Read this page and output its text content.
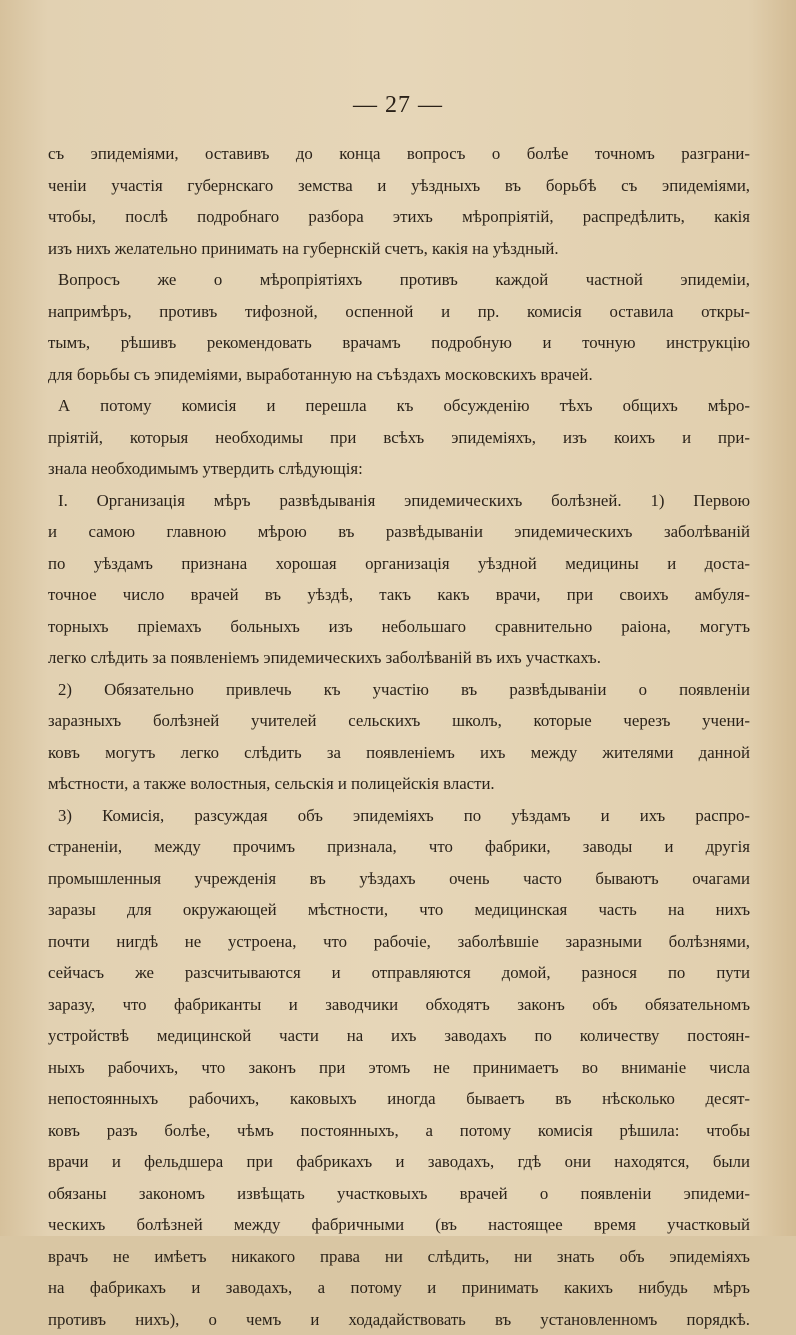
— 27 —
съ эпидеміями, оставивъ до конца вопросъ о болѣе точномъ разграни-
ченіи участія губернскаго земства и уѣздныхъ въ борьбѣ съ эпидеміями,
чтобы, послѣ подробнаго разбора этихъ мѣропріятій, распредѣлить, какія
изъ нихъ желательно принимать на губернскій счетъ, какія на уѣздный.
Вопросъ же о мѣропріятіяхъ противъ каждой частной эпидеміи,
напримѣръ, противъ тифозной, оспенной и пр. комисія оставила откры-
тымъ, рѣшивъ рекомендовать врачамъ подробную и точную инструкцію
для борьбы съ эпидеміями, выработанную на съѣздахъ московскихъ врачей.
А потому комисія и перешла къ обсужденію тѣхъ общихъ мѣро-
пріятій, которыя необходимы при всѣхъ эпидеміяхъ, изъ коихъ и при-
знала необходимымъ утвердить слѣдующія:
I. Организація мѣръ развѣдыванія эпидемическихъ болѣзней. 1) Первою
и самою главною мѣрою въ развѣдываніи эпидемическихъ заболѣваній
по уѣздамъ признана хорошая организація уѣздной медицины и доста-
точное число врачей въ уѣздѣ, такъ какъ врачи, при своихъ амбуля-
торныхъ пріемахъ больныхъ изъ небольшаго сравнительно раіона, могутъ
легко слѣдить за появленіемъ эпидемическихъ заболѣваній въ ихъ участкахъ.
2) Обязательно привлечь къ участію въ развѣдываніи о появленіи
заразныхъ болѣзней учителей сельскихъ школъ, которые черезъ учени-
ковъ могутъ легко слѣдить за появленіемъ ихъ между жителями данной
мѣстности, а также волостныя, сельскія и полицейскія власти.
3) Комисія, разсуждая объ эпидеміяхъ по уѣздамъ и ихъ распро-
страненіи, между прочимъ признала, что фабрики, заводы и другія
промышленныя учрежденія въ уѣздахъ очень часто бываютъ очагами
заразы для окружающей мѣстности, что медицинская часть на нихъ
почти нигдѣ не устроена, что рабочіе, заболѣвшіе заразными болѣзнями,
сейчасъ же разсчитываются и отправляются домой, разнося по пути
заразу, что фабриканты и заводчики обходятъ законъ объ обязательномъ
устройствѣ медицинской части на ихъ заводахъ по количеству постоян-
ныхъ рабочихъ, что законъ при этомъ не принимаетъ во вниманіе числа
непостоянныхъ рабочихъ, каковыхъ иногда бываетъ въ нѣсколько десят-
ковъ разъ болѣе, чѣмъ постоянныхъ, а потому комисія рѣшила: чтобы
врачи и фельдшера при фабрикахъ и заводахъ, гдѣ они находятся, были
обязаны закономъ извѣщать участковыхъ врачей о появленіи эпидеми-
ческихъ болѣзней между фабричными (въ настоящее время участковый
врачъ не имѣетъ никакого права ни слѣдить, ни знать объ эпидеміяхъ
на фабрикахъ и заводахъ, а потому и принимать какихъ нибудь мѣръ
противъ нихъ), о чемъ и ходадайствовать въ установленномъ порядкѣ.
